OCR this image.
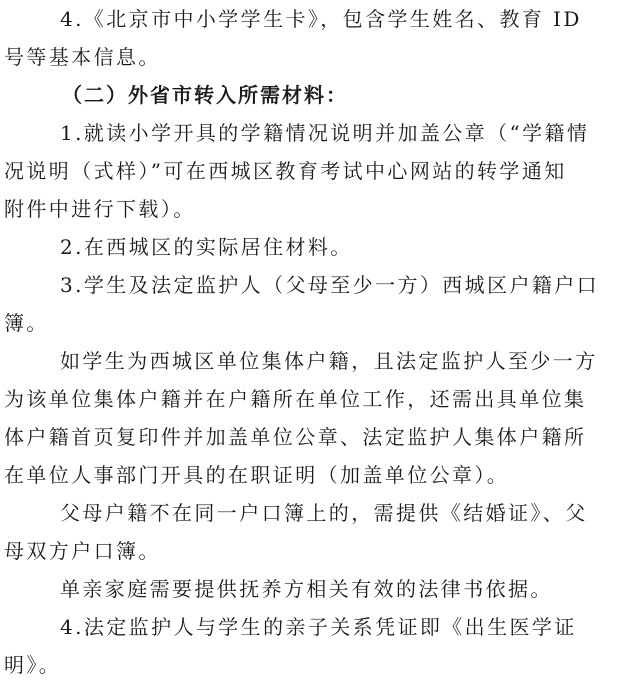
4.《北京市中小学学生卡》，包含学生姓名、教育 ID
号等基本信息。
（二）外省市转入所需材料：
1.就读小学开具的学籍情况说明并加盖公章（“学籍情
况说明（式样）”可在西城区教育考试中心网站的转学通知
附件中进行下载）。
2.在西城区的实际居住材料。
3.学生及法定监护人（父母至少一方）西城区户籍户口
簿。
如学生为西城区单位集体户籍，且法定监护人至少一方
为该单位集体户籍并在户籍所在单位工作，还需出具单位集
体户籍首页复印件并加盖单位公章、法定监护人集体户籍所
在单位人事部门开具的在职证明（加盖单位公章）。
父母户籍不在同一户口簿上的，需提供《结婚证》、父
母双方户口簿。
单亲家庭需要提供抚养方相关有效的法律书依据。
4.法定监护人与学生的亲子关系凭证即《出生医学证
明》。
